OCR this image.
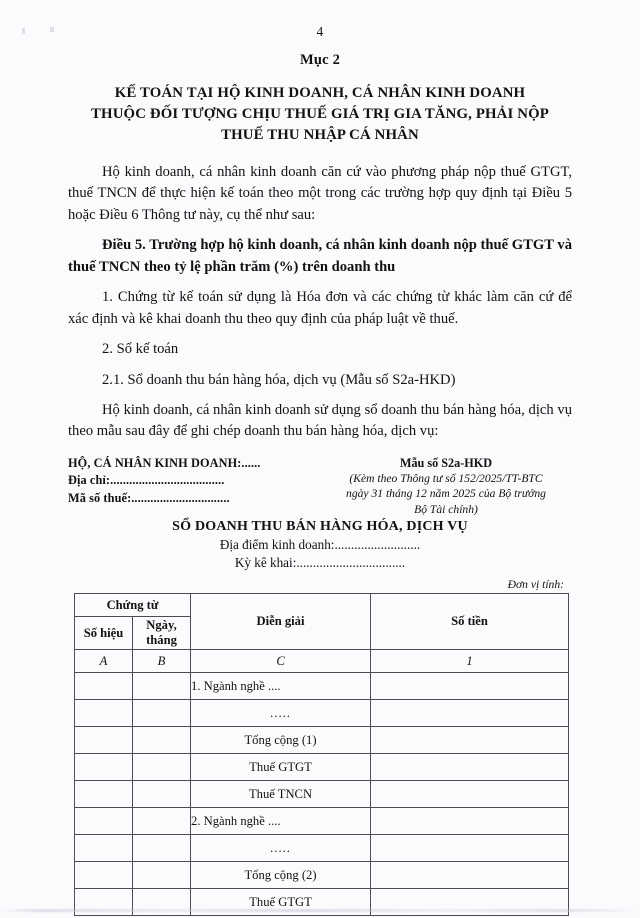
4
Mục 2
KẾ TOÁN TẠI HỘ KINH DOANH, CÁ NHÂN KINH DOANH
THUỘC ĐỐI TƯỢNG CHỊU THUẾ GIÁ TRỊ GIA TĂNG, PHẢI NỘP
THUẾ THU NHẬP CÁ NHÂN

Hộ kinh doanh, cá nhân kinh doanh căn cứ vào phương pháp nộp thuế GTGT, thuế TNCN để thực hiện kế toán theo một trong các trường hợp quy định tại Điều 5 hoặc Điều 6 Thông tư này, cụ thể như sau:

Điều 5. Trường hợp hộ kinh doanh, cá nhân kinh doanh nộp thuế GTGT và thuế TNCN theo tỷ lệ phần trăm (%) trên doanh thu

1. Chứng từ kế toán sử dụng là Hóa đơn và các chứng từ khác làm căn cứ để xác định và kê khai doanh thu theo quy định của pháp luật về thuế.

2. Sổ kế toán

2.1. Sổ doanh thu bán hàng hóa, dịch vụ (Mẫu số S2a-HKD)

Hộ kinh doanh, cá nhân kinh doanh sử dụng sổ doanh thu bán hàng hóa, dịch vụ theo mẫu sau đây để ghi chép doanh thu bán hàng hóa, dịch vụ:

HỘ, CÁ NHÂN KINH DOANH:......
Địa chỉ:....................................
Mã số thuế:...............................
Mẫu số S2a-HKD
(Kèm theo Thông tư số 152/2025/TT-BTC
ngày 31 tháng 12 năm 2025 của Bộ trưởng
Bộ Tài chính)
SỔ DOANH THU BÁN HÀNG HÓA, DỊCH VỤ
Địa điểm kinh doanh:..........................
Kỳ kê khai:.................................
Đơn vị tính:
Chứng từ		Diễn giải	Số tiền
Số hiệu	Ngày, tháng		
A	B	C	1
		1. Ngành nghề ....	
		.....	
		Tổng cộng (1)	
		Thuế GTGT	
		Thuế TNCN	
		2. Ngành nghề ....	
		.....	
		Tổng cộng (2)	
		Thuế GTGT	
